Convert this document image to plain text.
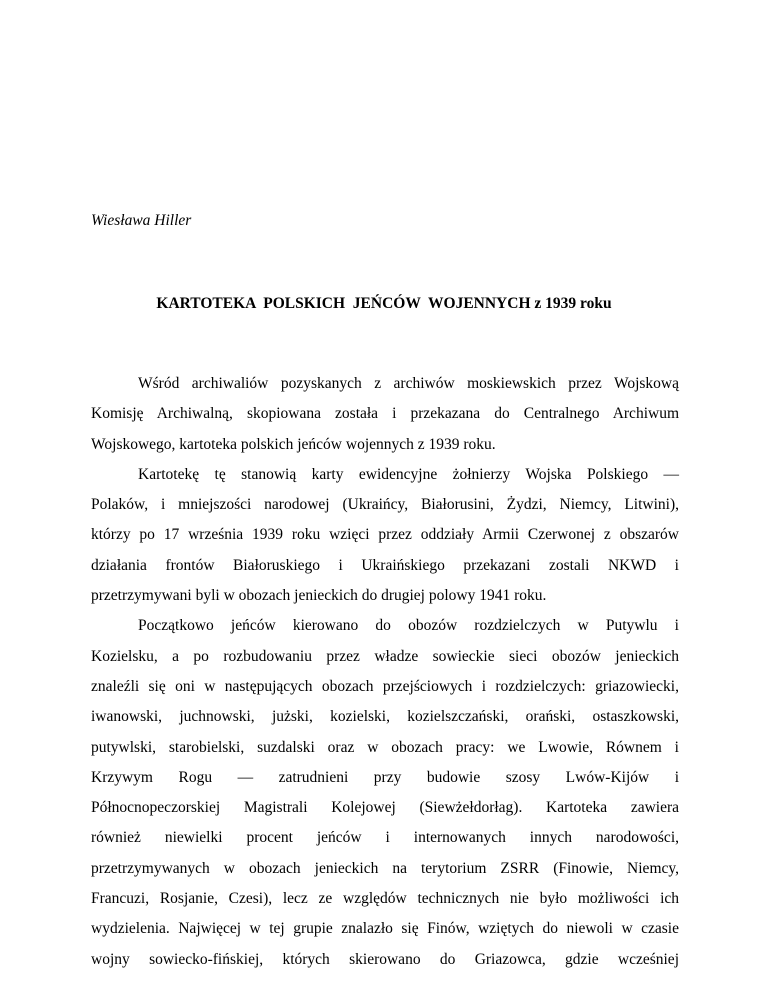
Wiesława Hiller

KARTOTEKA  POLSKICH  JEŃCÓW  WOJENNYCH z 1939 roku

Wśród archiwaliów pozyskanych z archiwów moskiewskich przez Wojskową
Komisję Archiwalną, skopiowana została i przekazana do Centralnego Archiwum
Wojskowego, kartoteka polskich jeńców wojennych z 1939 roku.

Kartotekę tę stanowią karty ewidencyjne żołnierzy Wojska Polskiego —
Polaków, i mniejszości narodowej (Ukraińcy, Białorusini, Żydzi, Niemcy, Litwini),
którzy po 17 września 1939 roku wzięci przez oddziały Armii Czerwonej z obszarów
działania frontów Białoruskiego i Ukraińskiego przekazani zostali NKWD i
przetrzymywani byli w obozach jenieckich do drugiej polowy 1941 roku.

Początkowo jeńców kierowano do obozów rozdzielczych w Putywlu i
Kozielsku, a po rozbudowaniu przez władze sowieckie sieci obozów jenieckich
znaleźli się oni w następujących obozach przejściowych i rozdzielczych: griazowiecki,
iwanowski, juchnowski, jużski, kozielski, kozielszczański, orański, ostaszkowski,
putywlski, starobielski, suzdalski oraz w obozach pracy: we Lwowie, Równem i
Krzywym Rogu — zatrudnieni przy budowie szosy Lwów-Kijów i
Północnopeczorskiej Magistrali Kolejowej (Siewżełdorłag). Kartoteka zawiera
również niewielki procent jeńców i internowanych innych narodowości,
przetrzymywanych w obozach jenieckich na terytorium ZSRR (Finowie, Niemcy,
Francuzi, Rosjanie, Czesi), lecz ze względów technicznych nie było możliwości ich
wydzielenia. Najwięcej w tej grupie znalazło się Finów, wziętych do niewoli w czasie
wojny sowiecko-fińskiej, których skierowano do Griazowca, gdzie wcześniej
